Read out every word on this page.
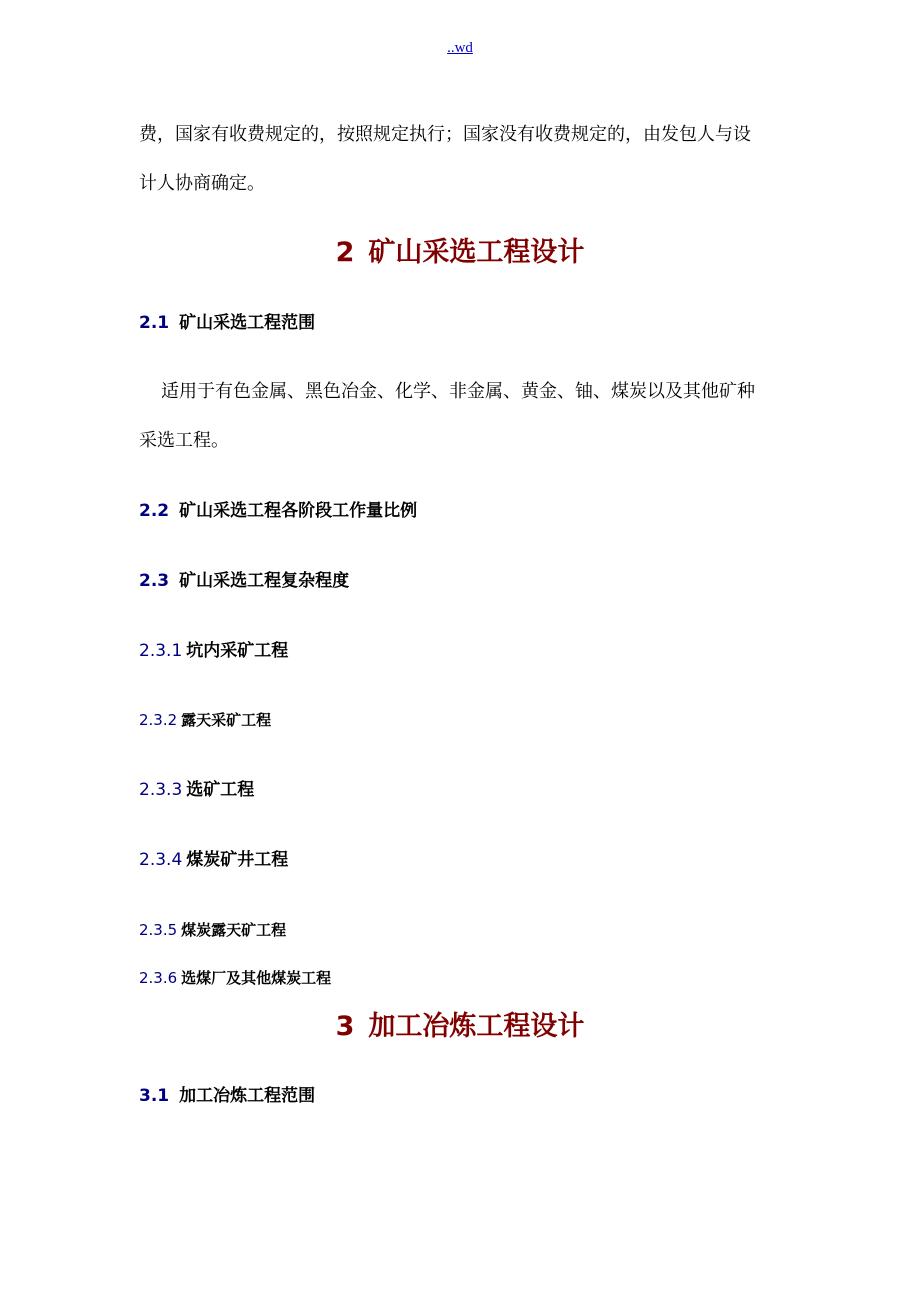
..wd
费，国家有收费规定的，按照规定执行；国家没有收费规定的，由发包人与设
计人协商确定。
2 矿山采选工程设计
2.1 矿山采选工程范围
适用于有色金属、黑色冶金、化学、非金属、黄金、铀、煤炭以及其他矿种
采选工程。
2.2 矿山采选工程各阶段工作量比例
2.3 矿山采选工程复杂程度
2.3.1 坑内采矿工程
2.3.2 露天采矿工程
2.3.3 选矿工程
2.3.4 煤炭矿井工程
2.3.5 煤炭露天矿工程
2.3.6 选煤厂及其他煤炭工程
3 加工冶炼工程设计
3.1 加工冶炼工程范围
